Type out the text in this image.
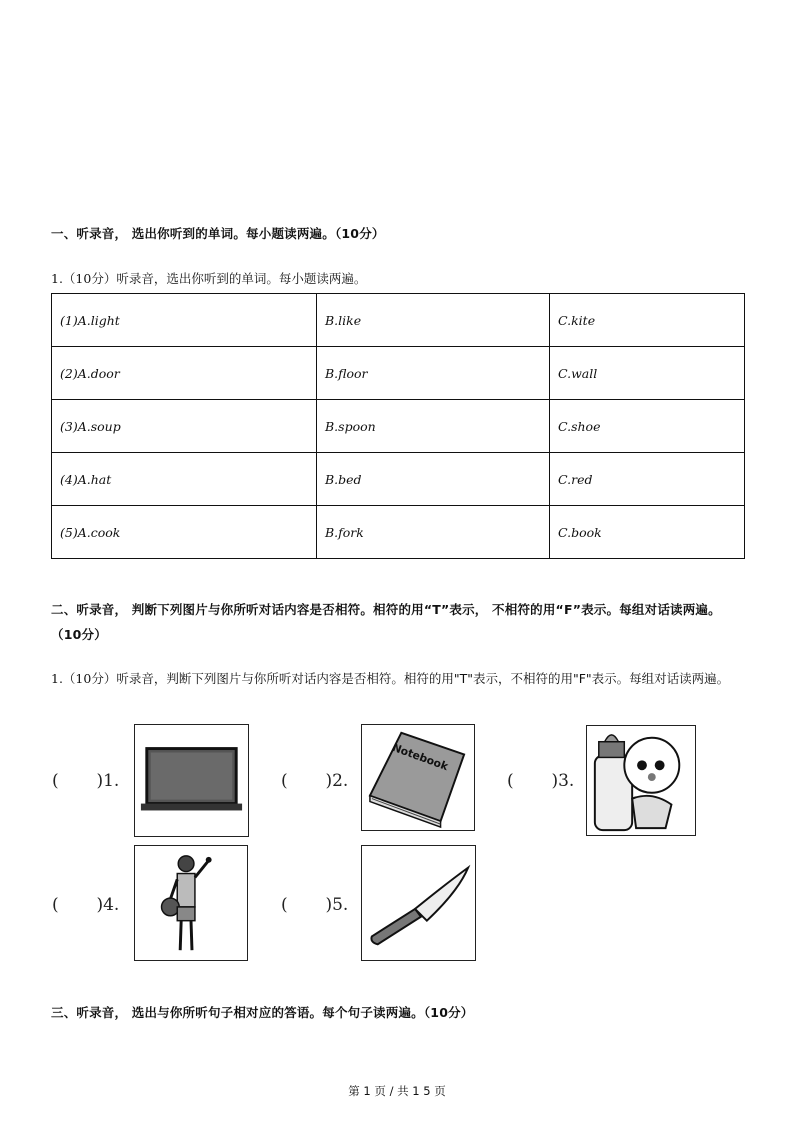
一、听录音， 选出你听到的单词。每小题读两遍。（10分）
1.（10分）听录音，选出你听到的单词。每小题读两遍。
(1)A.light	B.like	C.kite
(2)A.door	B.floor	C.wall
(3)A.soup	B.spoon	C.shoe
(4)A.hat	B.bed	C.red
(5)A.cook	B.fork	C.book
二、听录音， 判断下列图片与你所听对话内容是否相符。相符的用“T”表示， 不相符的用“F”表示。每组对话读两遍。（10分）
1.（10分）听录音，判断下列图片与你所听对话内容是否相符。相符的用"T"表示，不相符的用"F"表示。每组对话读两遍。
(       )1.	(       )2.
Notebook
(       )3.
(       )4.	(       )5.
三、听录音， 选出与你所听句子相对应的答语。每个句子读两遍。（10分）
第 1 页 / 共 1 5 页
